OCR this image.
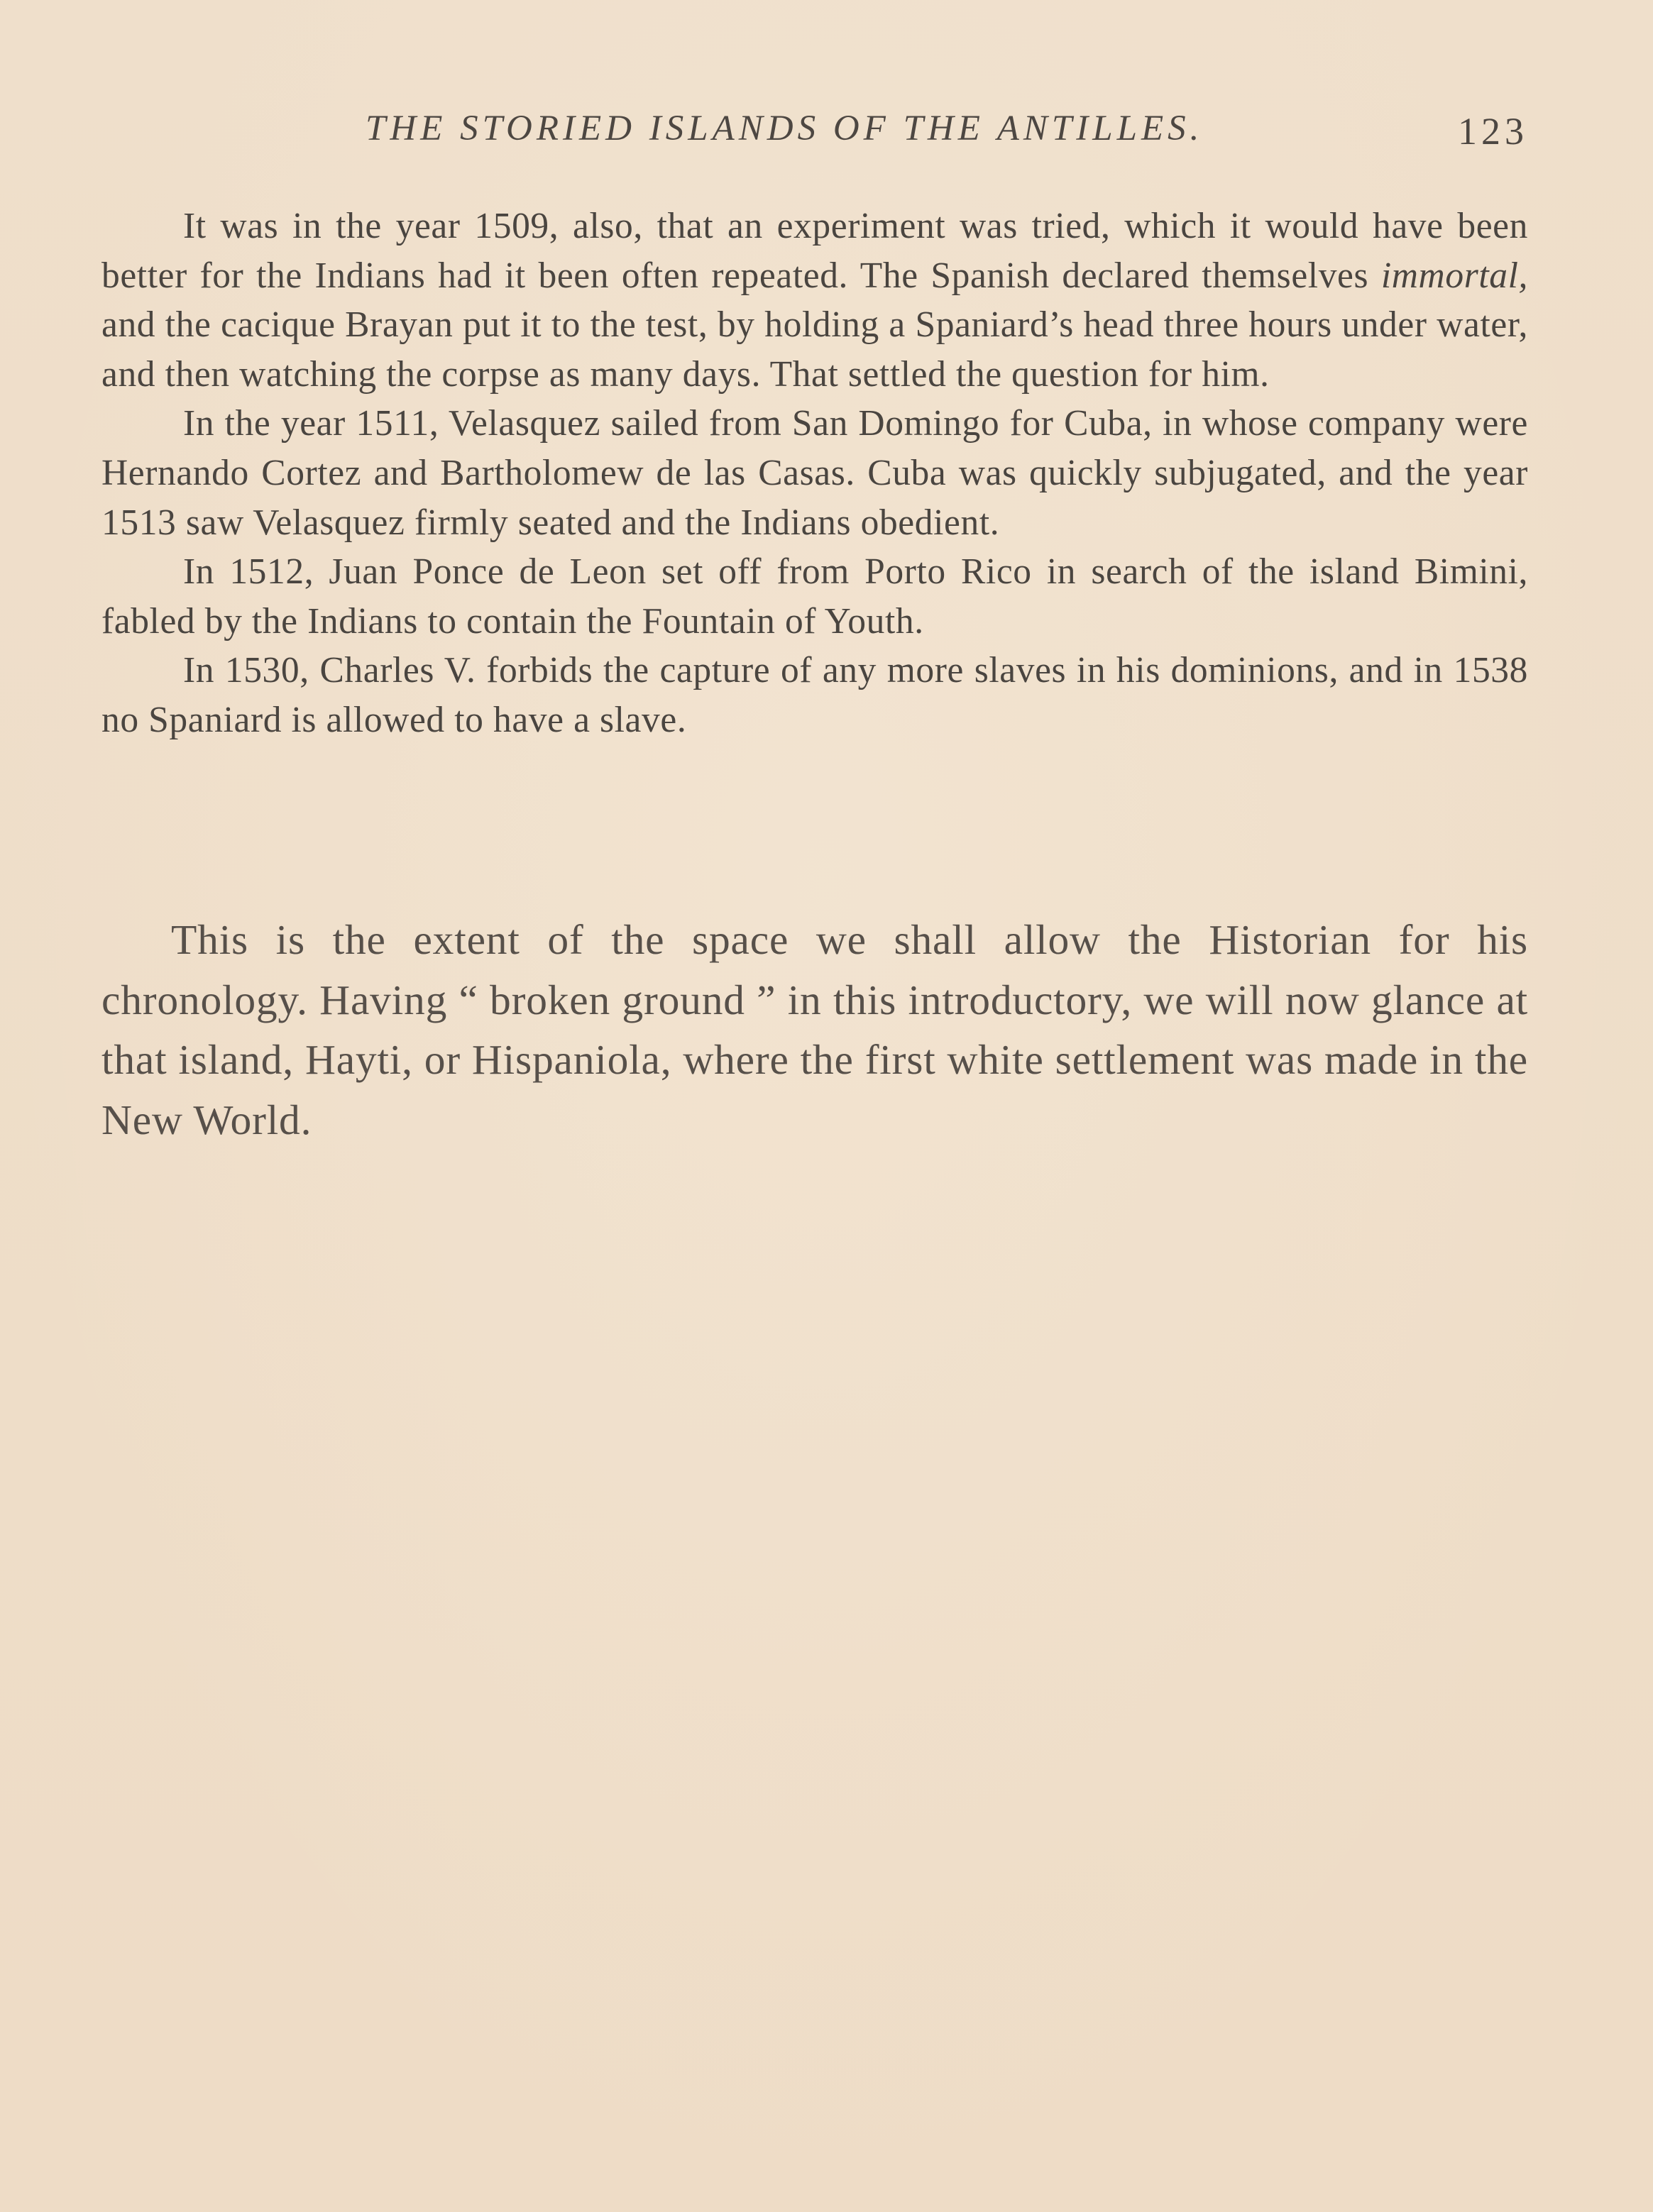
THE STORIED ISLANDS OF THE ANTILLES.	123

It was in the year 1509, also, that an experiment was tried, which it would have been better for the Indians had it been often repeated. The Spanish declared themselves immortal, and the cacique Brayan put it to the test, by holding a Spaniard’s head three hours under water, and then watching the corpse as many days. That settled the question for him.

In the year 1511, Velasquez sailed from San Domingo for Cuba, in whose company were Hernando Cortez and Bartholomew de las Casas. Cuba was quickly subjugated, and the year 1513 saw Velasquez firmly seated and the Indians obedient.

In 1512, Juan Ponce de Leon set off from Porto Rico in search of the island Bimini, fabled by the Indians to contain the Fountain of Youth.

In 1530, Charles V. forbids the capture of any more slaves in his dominions, and in 1538 no Spaniard is allowed to have a slave.

This is the extent of the space we shall allow the Historian for his chronology. Having “ broken ground ” in this introductory, we will now glance at that island, Hayti, or Hispaniola, where the first white settlement was made in the New World.
